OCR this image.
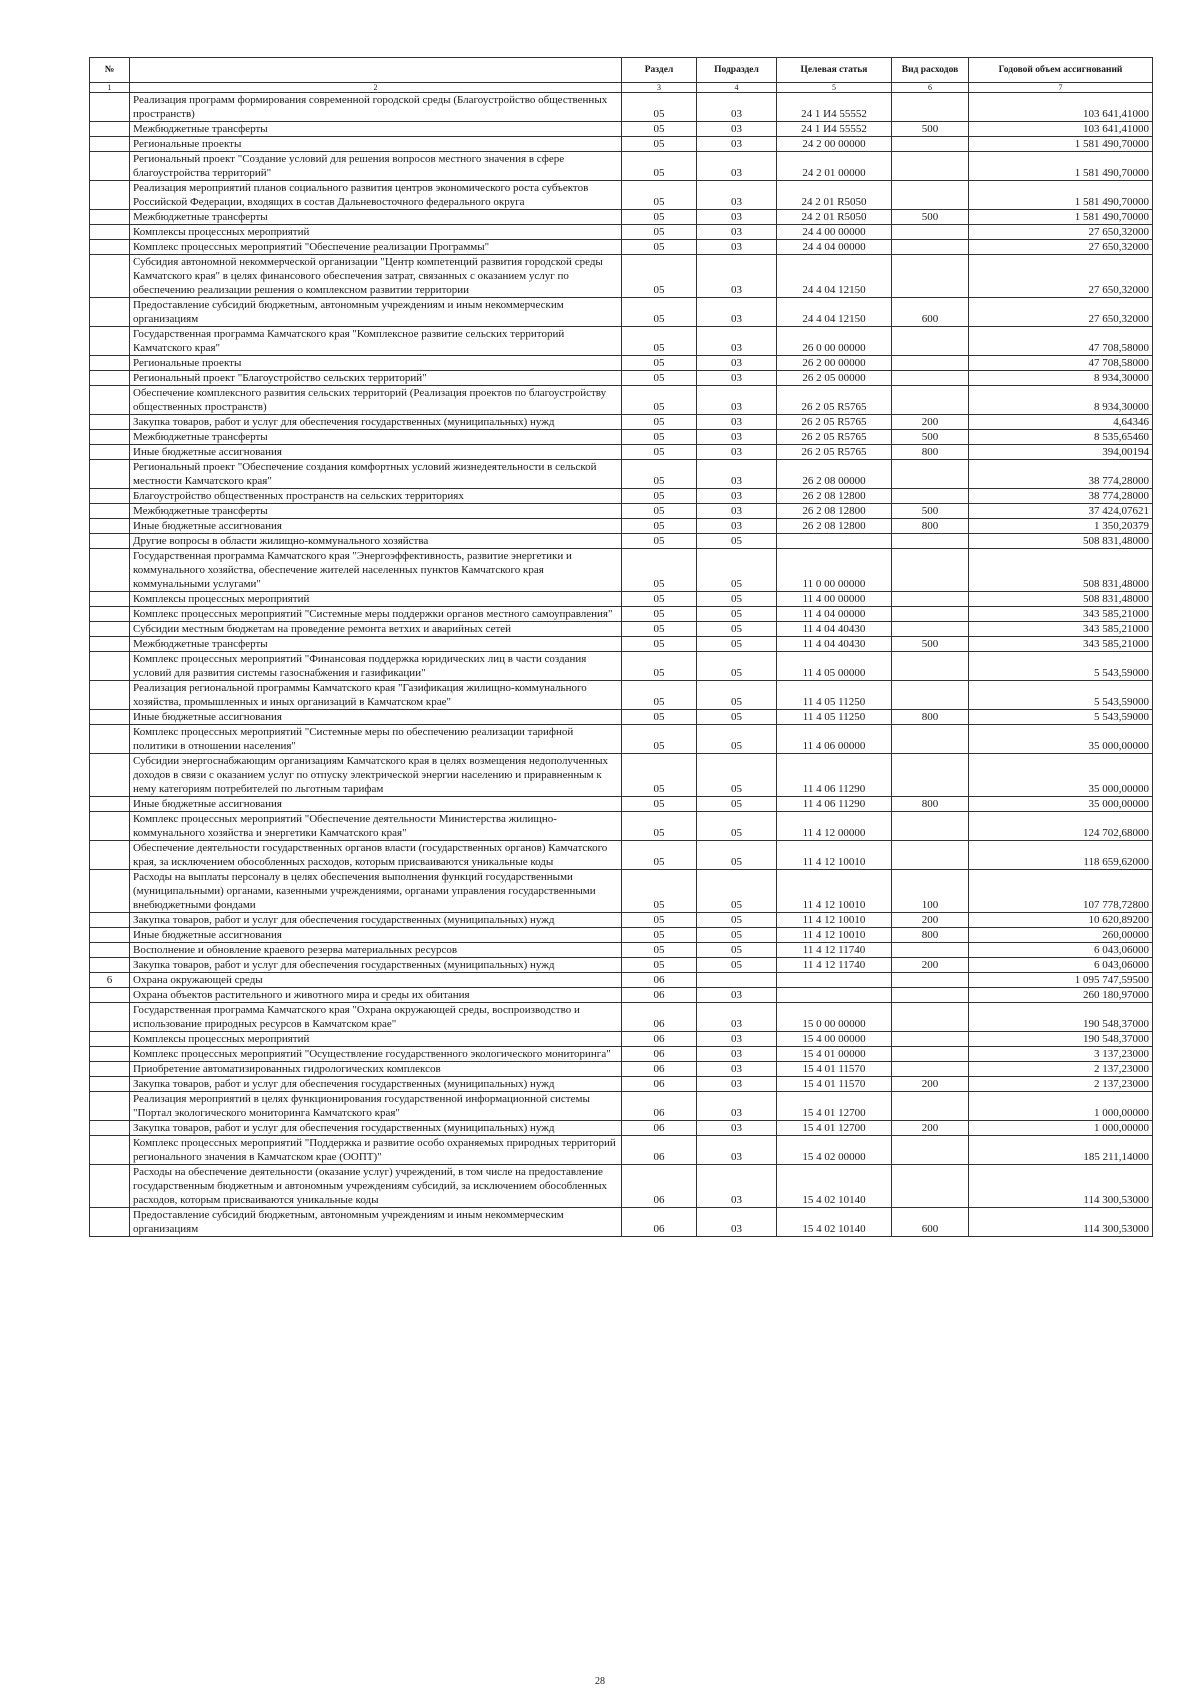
№		Раздел	Подраздел	Целевая статья	Вид расходов	Годовой объем ассигнований
1	2	3	4	5	6	7
	Реализация программ формирования современной городской среды (Благоустройство общественных пространств)	05	03	24 1 И4 55552		103 641,41000
	Межбюджетные трансферты	05	03	24 1 И4 55552	500	103 641,41000
	Региональные проекты	05	03	24 2 00 00000		1 581 490,70000
	Региональный проект "Создание условий для решения вопросов местного значения в сфере благоустройства территорий"	05	03	24 2 01 00000		1 581 490,70000
	Реализация мероприятий планов социального развития центров экономического роста субъектов Российской Федерации, входящих в состав Дальневосточного федерального округа	05	03	24 2 01 R5050		1 581 490,70000
	Межбюджетные трансферты	05	03	24 2 01 R5050	500	1 581 490,70000
	Комплексы процессных мероприятий	05	03	24 4 00 00000		27 650,32000
	Комплекс процессных мероприятий "Обеспечение реализации Программы"	05	03	24 4 04 00000		27 650,32000
	Субсидия автономной некоммерческой организации "Центр компетенций развития городской среды Камчатского края" в целях финансового обеспечения затрат, связанных с оказанием услуг по обеспечению реализации решения о комплексном развитии территории	05	03	24 4 04 12150		27 650,32000
	Предоставление субсидий бюджетным, автономным учреждениям и иным некоммерческим организациям	05	03	24 4 04 12150	600	27 650,32000
	Государственная программа Камчатского края "Комплексное развитие сельских территорий Камчатского края"	05	03	26 0 00 00000		47 708,58000
	Региональные проекты	05	03	26 2 00 00000		47 708,58000
	Региональный проект "Благоустройство сельских территорий"	05	03	26 2 05 00000		8 934,30000
	Обеспечение комплексного развития сельских территорий (Реализация проектов по благоустройству общественных пространств)	05	03	26 2 05 R5765		8 934,30000
	Закупка товаров, работ и услуг для обеспечения государственных (муниципальных) нужд	05	03	26 2 05 R5765	200	4,64346
	Межбюджетные трансферты	05	03	26 2 05 R5765	500	8 535,65460
	Иные бюджетные ассигнования	05	03	26 2 05 R5765	800	394,00194
	Региональный проект "Обеспечение создания комфортных условий жизнедеятельности в сельской местности Камчатского края"	05	03	26 2 08 00000		38 774,28000
	Благоустройство общественных пространств на сельских территориях	05	03	26 2 08 12800		38 774,28000
	Межбюджетные трансферты	05	03	26 2 08 12800	500	37 424,07621
	Иные бюджетные ассигнования	05	03	26 2 08 12800	800	1 350,20379
	Другие вопросы в области жилищно-коммунального хозяйства	05	05			508 831,48000
	Государственная программа Камчатского края "Энергоэффективность, развитие энергетики и коммунального хозяйства, обеспечение жителей населенных пунктов Камчатского края коммунальными услугами"	05	05	11 0 00 00000		508 831,48000
	Комплексы процессных мероприятий	05	05	11 4 00 00000		508 831,48000
	Комплекс процессных мероприятий "Системные меры поддержки органов местного самоуправления"	05	05	11 4 04 00000		343 585,21000
	Субсидии местным бюджетам на проведение ремонта ветхих и аварийных сетей	05	05	11 4 04 40430		343 585,21000
	Межбюджетные трансферты	05	05	11 4 04 40430	500	343 585,21000
	Комплекс процессных мероприятий "Финансовая поддержка юридических лиц в части создания условий для развития системы газоснабжения и газификации"	05	05	11 4 05 00000		5 543,59000
	Реализация региональной программы Камчатского края "Газификация жилищно-коммунального хозяйства, промышленных и иных организаций в Камчатском крае"	05	05	11 4 05 11250		5 543,59000
	Иные бюджетные ассигнования	05	05	11 4 05 11250	800	5 543,59000
	Комплекс процессных мероприятий "Системные меры по обеспечению реализации тарифной политики в отношении населения"	05	05	11 4 06 00000		35 000,00000
	Субсидии энергоснабжающим организациям Камчатского края в целях возмещения недополученных доходов в связи с оказанием услуг по отпуску электрической энергии населению и приравненным к нему категориям потребителей по льготным тарифам	05	05	11 4 06 11290		35 000,00000
	Иные бюджетные ассигнования	05	05	11 4 06 11290	800	35 000,00000
	Комплекс процессных мероприятий "Обеспечение деятельности Министерства жилищно-коммунального хозяйства и энергетики Камчатского края"	05	05	11 4 12 00000		124 702,68000
	Обеспечение деятельности государственных органов власти (государственных органов) Камчатского края, за исключением обособленных расходов, которым присваиваются уникальные коды	05	05	11 4 12 10010		118 659,62000
	Расходы на выплаты персоналу в целях обеспечения выполнения функций государственными (муниципальными) органами, казенными учреждениями, органами управления государственными внебюджетными фондами	05	05	11 4 12 10010	100	107 778,72800
	Закупка товаров, работ и услуг для обеспечения государственных (муниципальных) нужд	05	05	11 4 12 10010	200	10 620,89200
	Иные бюджетные ассигнования	05	05	11 4 12 10010	800	260,00000
	Восполнение и обновление краевого резерва материальных ресурсов	05	05	11 4 12 11740		6 043,06000
	Закупка товаров, работ и услуг для обеспечения государственных (муниципальных) нужд	05	05	11 4 12 11740	200	6 043,06000
6	Охрана окружающей среды	06				1 095 747,59500
	Охрана объектов растительного и животного мира и среды их обитания	06	03			260 180,97000
	Государственная программа Камчатского края "Охрана окружающей среды, воспроизводство и использование природных ресурсов в Камчатском крае"	06	03	15 0 00 00000		190 548,37000
	Комплексы процессных мероприятий	06	03	15 4 00 00000		190 548,37000
	Комплекс процессных мероприятий "Осуществление государственного экологического мониторинга"	06	03	15 4 01 00000		3 137,23000
	Приобретение автоматизированных гидрологических комплексов	06	03	15 4 01 11570		2 137,23000
	Закупка товаров, работ и услуг для обеспечения государственных (муниципальных) нужд	06	03	15 4 01 11570	200	2 137,23000
	Реализация мероприятий в целях функционирования государственной информационной системы "Портал экологического мониторинга Камчатского края"	06	03	15 4 01 12700		1 000,00000
	Закупка товаров, работ и услуг для обеспечения государственных (муниципальных) нужд	06	03	15 4 01 12700	200	1 000,00000
	Комплекс процессных мероприятий "Поддержка и развитие особо охраняемых природных территорий регионального значения в Камчатском крае (ООПТ)"	06	03	15 4 02 00000		185 211,14000
	Расходы на обеспечение деятельности (оказание услуг) учреждений, в том числе на предоставление государственным бюджетным и автономным учреждениям субсидий, за исключением обособленных расходов, которым присваиваются уникальные коды	06	03	15 4 02 10140		114 300,53000
	Предоставление субсидий бюджетным, автономным учреждениям и иным некоммерческим организациям	06	03	15 4 02 10140	600	114 300,53000
28
